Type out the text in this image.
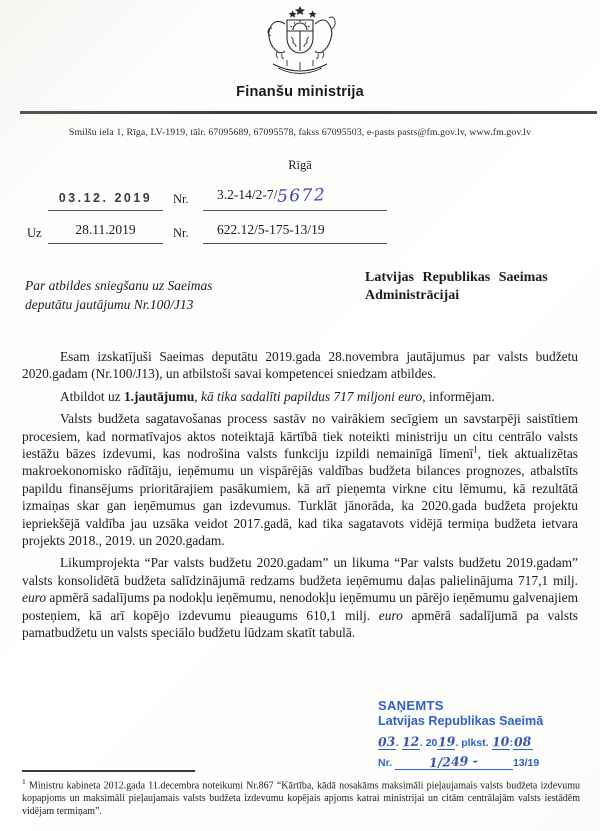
Finanšu ministrija
Smilšu iela 1, Rīga, LV-1919, tālr. 67095689, 67095578, fakss 67095503, e-pasts pasts@fm.gov.lv, www.fm.gov.lv
Rīgā
03.12. 2019	Nr.	3.2-14/2-7/5672
Uz	28.11.2019	Nr.	622.12/5-175-13/19
Par atbildes sniegšanu uz Saeimas
deputātu jautājumu Nr.100/J13
Latvijas Republikas Saeimas
Administrācijai

Esam izskatījuši Saeimas deputātu 2019.gada 28.novembra jautājumus par valsts budžetu 2020.gadam (Nr.100/J13), un atbilstoši savai kompetencei sniedzam atbildes.

Atbildot uz 1.jautājumu, kā tika sadalīti papildus 717 miljoni euro, informējam.

Valsts budžeta sagatavošanas process sastāv no vairākiem secīgiem un savstarpēji saistītiem procesiem, kad normatīvajos aktos noteiktajā kārtībā tiek noteikti ministriju un citu centrālo valsts iestāžu bāzes izdevumi, kas nodrošina valsts funkciju izpildi nemainīgā līmenī$^1$, tiek aktualizētas makroekonomisko rādītāju, ieņēmumu un vispārējās valdības budžeta bilances prognozes, atbalstīts papildu finansējums prioritārajiem pasākumiem, kā arī pieņemta virkne citu lēmumu, kā rezultātā izmaiņas skar gan ieņēmumus gan izdevumus. Turklāt jānorāda, ka 2020.gada budžeta projektu iepriekšējā valdība jau uzsāka veidot 2017.gadā, kad tika sagatavots vidējā termiņa budžeta ietvara projekts 2018., 2019. un 2020.gadam.

Likumprojekta “Par valsts budžetu 2020.gadam” un likuma “Par valsts budžetu 2019.gadam” valsts konsolidētā budžeta salīdzinājumā redzams budžeta ieņēmumu daļas palielinājuma 717,1 milj. euro apmērā sadalījums pa nodokļu ieņēmumu, nenodokļu ieņēmumu un pārējo ieņēmumu galvenajiem posteņiem, kā arī kopējo izdevumu pieaugums 610,1 milj. euro apmērā sadalījumā pa valsts pamatbudžetu un valsts speciālo budžetu lūdzam skatīt tabulā.

SAŅEMTS
Latvijas Republikas Saeimā
03. 12. 2019. plkst. 10:08
Nr.	1/249 -	13/19
$^1$ Ministru kabineta 2012.gada 11.decembra noteikumi Nr.867 “Kārtība, kādā nosakāms maksimāli pieļaujamais valsts budžeta izdevumu kopapjoms un maksimāli pieļaujamais valsts budžeta izdevumu kopējais apjoms katrai ministrijai un citām centrālajām valsts iestādēm vidējam termiņam”.
